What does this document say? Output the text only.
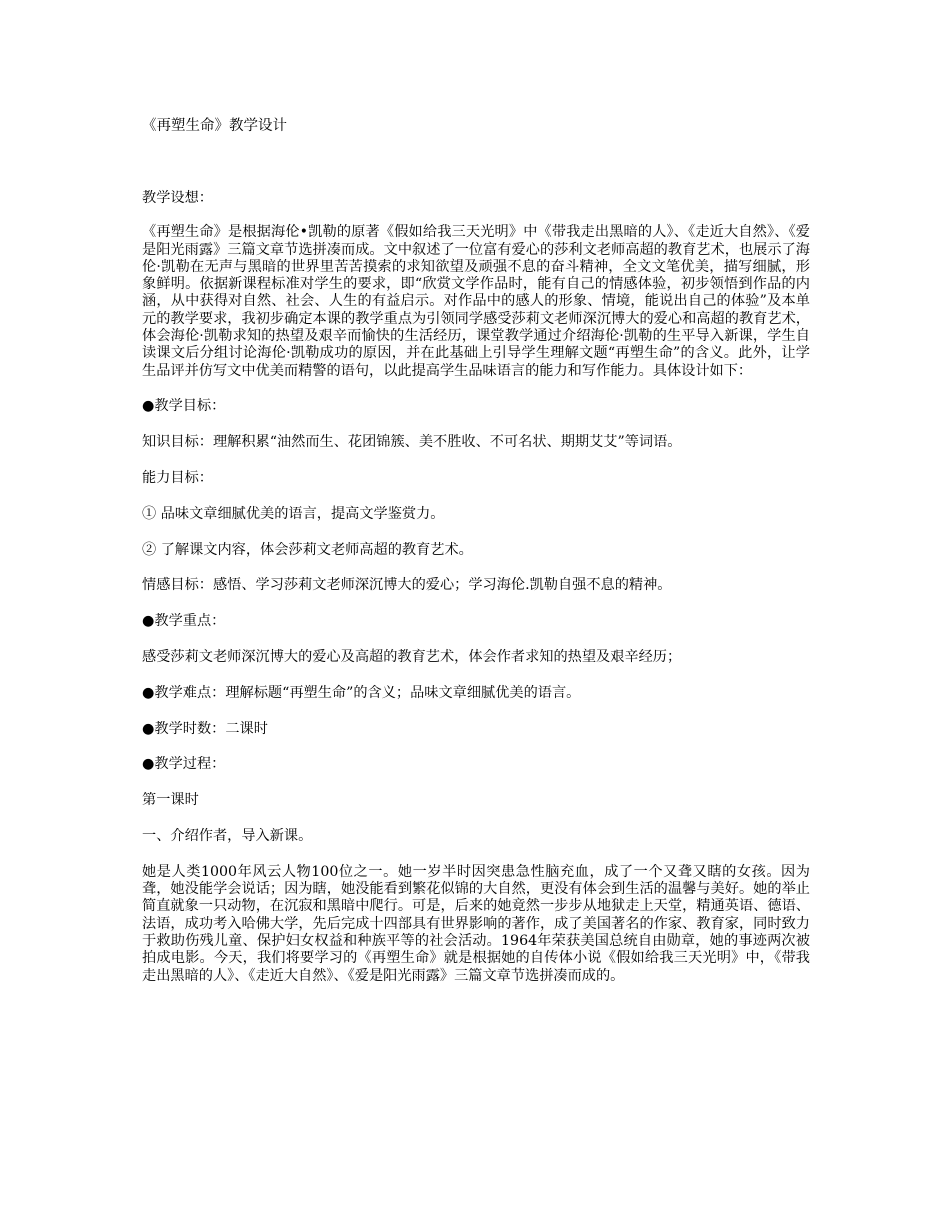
《再塑生命》教学设计

教学设想：

《再塑生命》是根据海伦•凯勒的原著《假如给我三天光明》中《带我走出黑暗的人》、《走近大自然》、《爱是阳光雨露》三篇文章节选拼凑而成。文中叙述了一位富有爱心的莎利文老师高超的教育艺术，也展示了海伦·凯勒在无声与黑暗的世界里苦苦摸索的求知欲望及顽强不息的奋斗精神，全文文笔优美，描写细腻，形象鲜明。依据新课程标准对学生的要求，即“欣赏文学作品时，能有自己的情感体验，初步领悟到作品的内涵，从中获得对自然、社会、人生的有益启示。对作品中的感人的形象、情境，能说出自己的体验”及本单元的教学要求，我初步确定本课的教学重点为引领同学感受莎莉文老师深沉博大的爱心和高超的教育艺术，体会海伦·凯勒求知的热望及艰辛而愉快的生活经历，课堂教学通过介绍海伦·凯勒的生平导入新课，学生自读课文后分组讨论海伦·凯勒成功的原因，并在此基础上引导学生理解文题“再塑生命”的含义。此外，让学生品评并仿写文中优美而精警的语句，以此提高学生品味语言的能力和写作能力。具体设计如下：

●教学目标：

知识目标：理解积累“油然而生、花团锦簇、美不胜收、不可名状、期期艾艾”等词语。

能力目标：

① 品味文章细腻优美的语言，提高文学鉴赏力。

② 了解课文内容，体会莎莉文老师高超的教育艺术。

情感目标：感悟、学习莎莉文老师深沉博大的爱心；学习海伦.凯勒自强不息的精神。

●教学重点：

感受莎莉文老师深沉博大的爱心及高超的教育艺术，体会作者求知的热望及艰辛经历；

●教学难点：理解标题“再塑生命”的含义；品味文章细腻优美的语言。

●教学时数：二课时

●教学过程：

第一课时

一、介绍作者，导入新课。

她是人类1000年风云人物100位之一。她一岁半时因突患急性脑充血，成了一个又聋又瞎的女孩。因为聋，她没能学会说话；因为瞎，她没能看到繁花似锦的大自然，更没有体会到生活的温馨与美好。她的举止简直就象一只动物，在沉寂和黑暗中爬行。可是，后来的她竟然一步步从地狱走上天堂，精通英语、德语、法语，成功考入哈佛大学，先后完成十四部具有世界影响的著作，成了美国著名的作家、教育家，同时致力于救助伤残儿童、保护妇女权益和种族平等的社会活动。1964年荣获美国总统自由勋章，她的事迹两次被拍成电影。今天，我们将要学习的《再塑生命》就是根据她的自传体小说《假如给我三天光明》中，《带我走出黑暗的人》、《走近大自然》、《爱是阳光雨露》三篇文章节选拼凑而成的。
